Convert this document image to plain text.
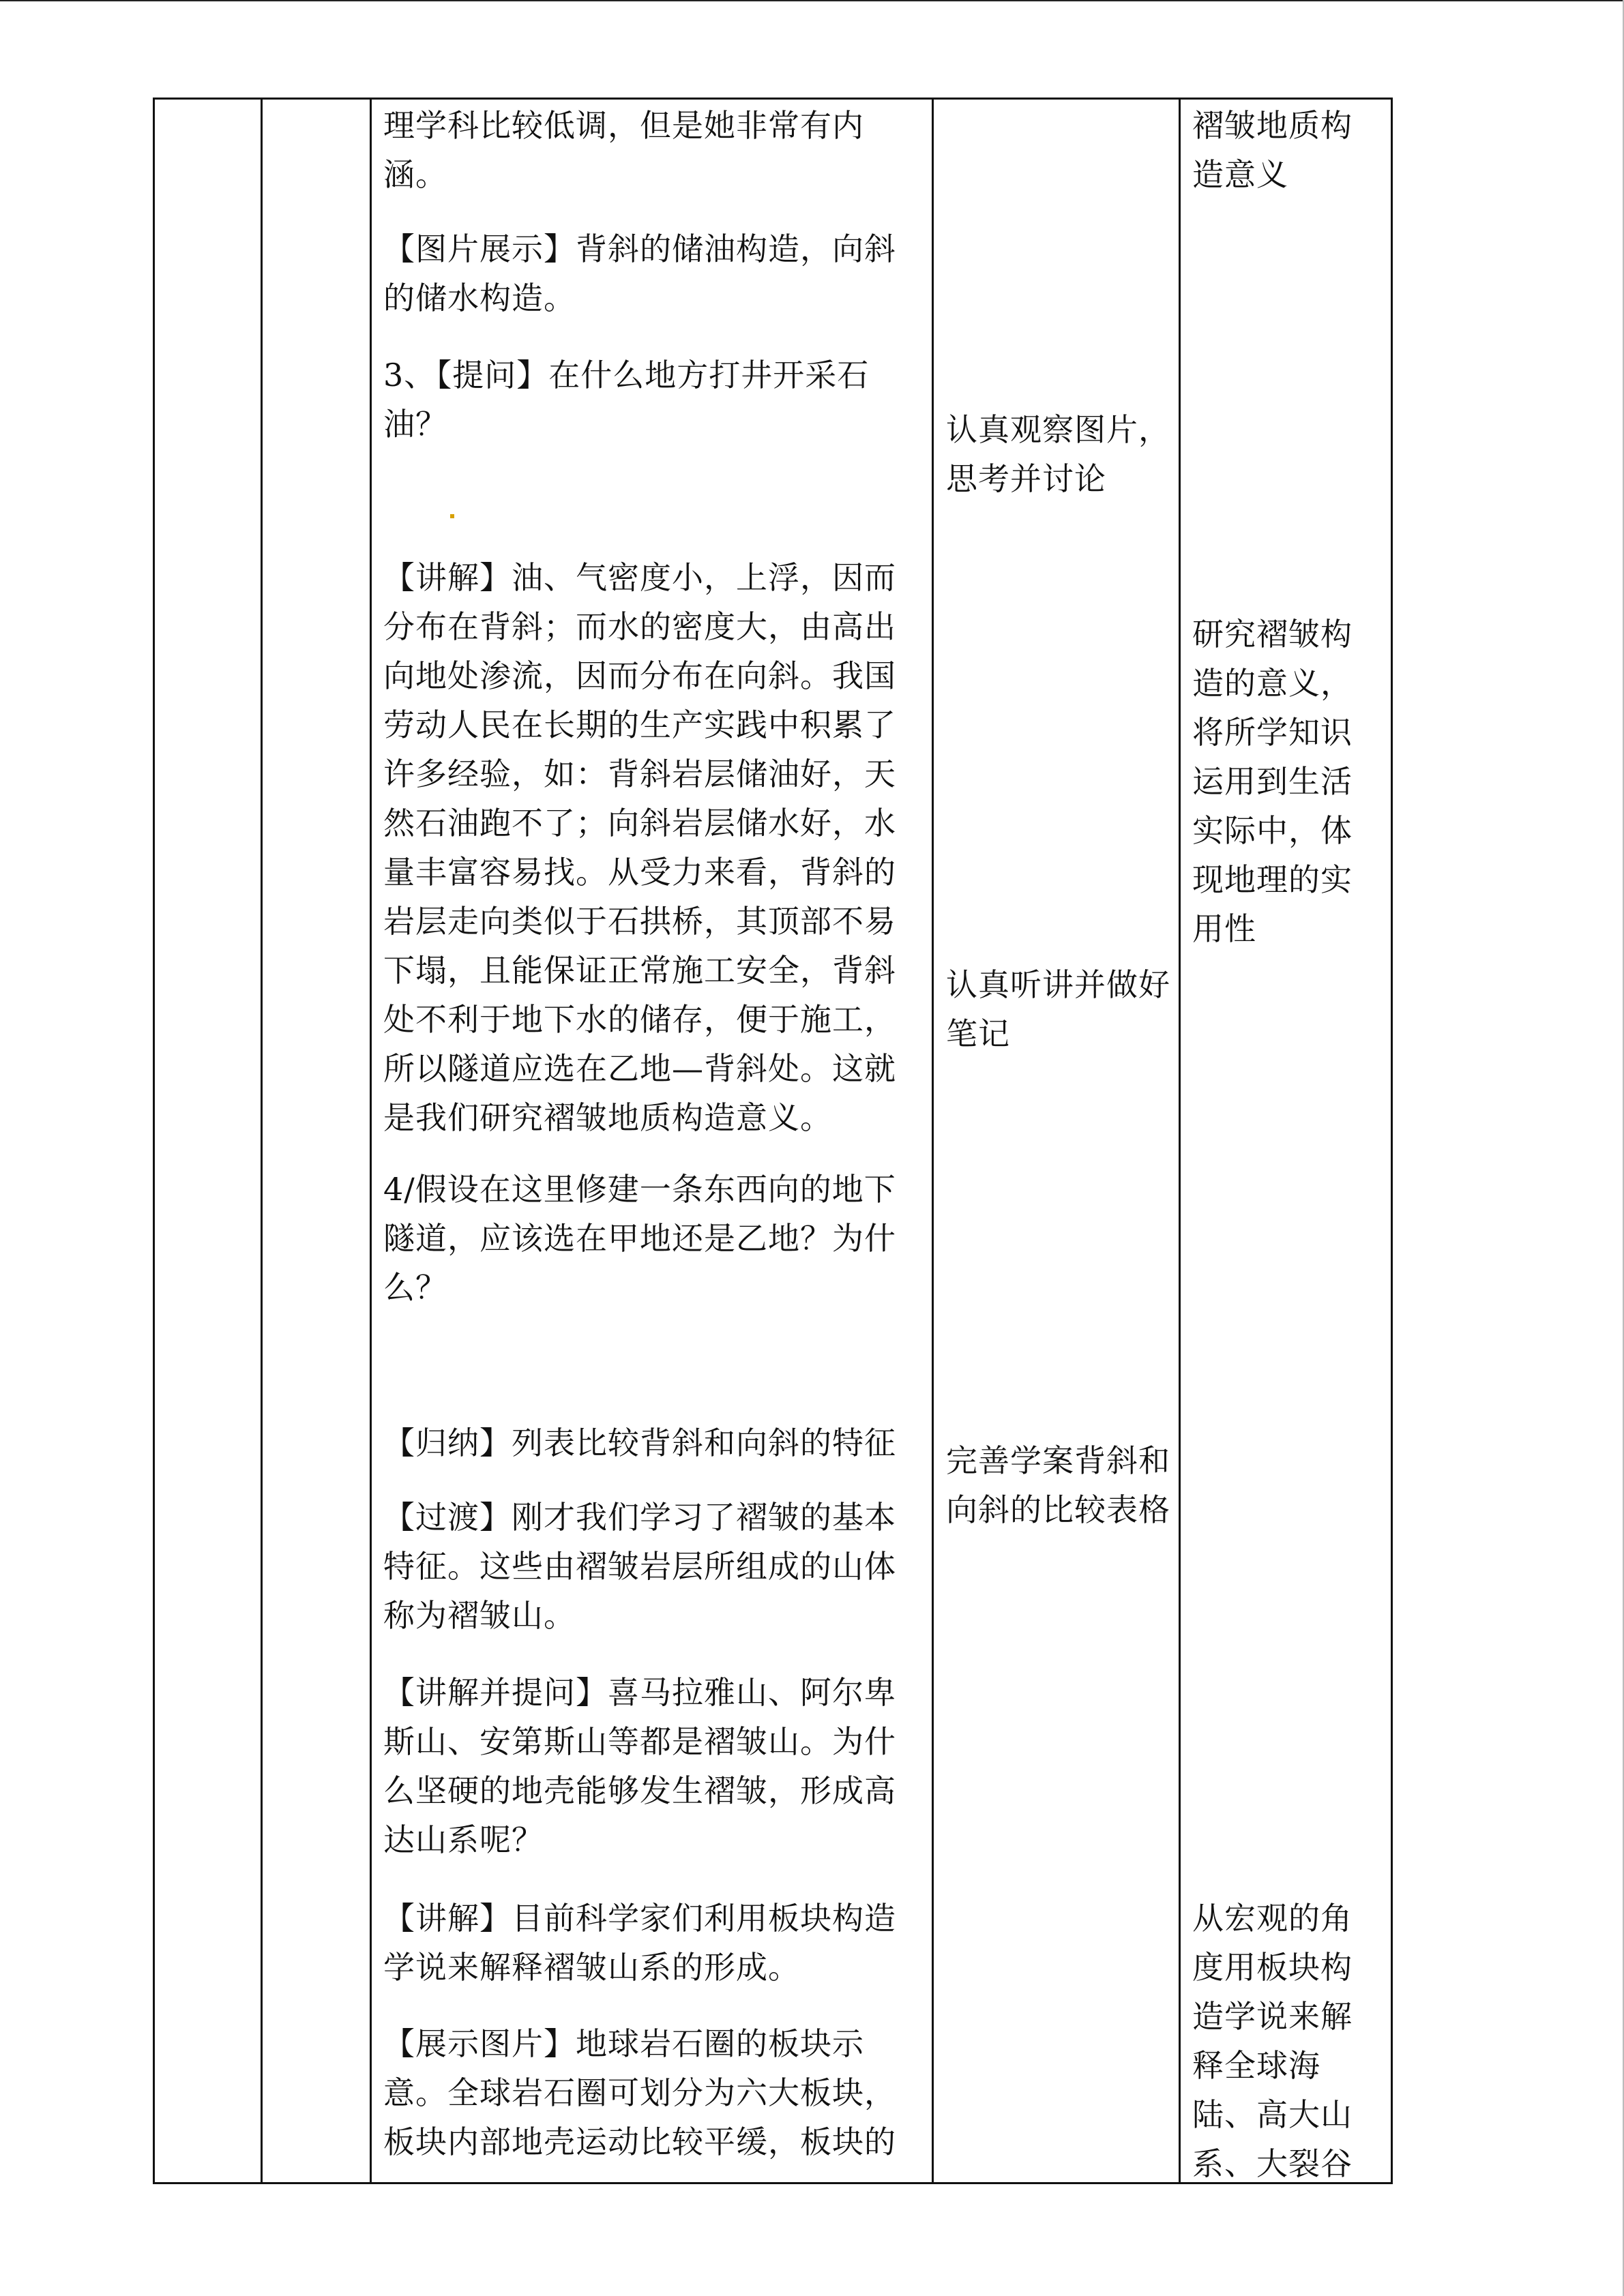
理学科比较低调，但是她非常有内涵。

【图片展示】背斜的储油构造，向斜的储水构造。

3、【提问】在什么地方打井开采石油？

【讲解】油、气密度小，上浮，因而分布在背斜；而水的密度大，由高出向地处渗流，因而分布在向斜。我国劳动人民在长期的生产实践中积累了许多经验，如：背斜岩层储油好，天然石油跑不了；向斜岩层储水好，水量丰富容易找。从受力来看，背斜的岩层走向类似于石拱桥，其顶部不易下塌，且能保证正常施工安全，背斜处不利于地下水的储存，便于施工，所以隧道应选在乙地—背斜处。这就是我们研究褶皱地质构造意义。

4/假设在这里修建一条东西向的地下隧道，应该选在甲地还是乙地？为什么？

【归纳】列表比较背斜和向斜的特征

【过渡】刚才我们学习了褶皱的基本特征。这些由褶皱岩层所组成的山体称为褶皱山。

【讲解并提问】喜马拉雅山、阿尔卑斯山、安第斯山等都是褶皱山。为什么坚硬的地壳能够发生褶皱，形成高达山系呢？

【讲解】目前科学家们利用板块构造学说来解释褶皱山系的形成。

【展示图片】地球岩石圈的板块示意。全球岩石圈可划分为六大板块，板块内部地壳运动比较平缓，板块的

认真观察图片，思考并讨论

认真听讲并做好笔记

完善学案背斜和向斜的比较表格

褶皱地质构造意义

研究褶皱构造的意义，将所学知识运用到生活实际中，体现地理的实用性

从宏观的角度用板块构造学说来解释全球海陆、高大山系、大裂谷
